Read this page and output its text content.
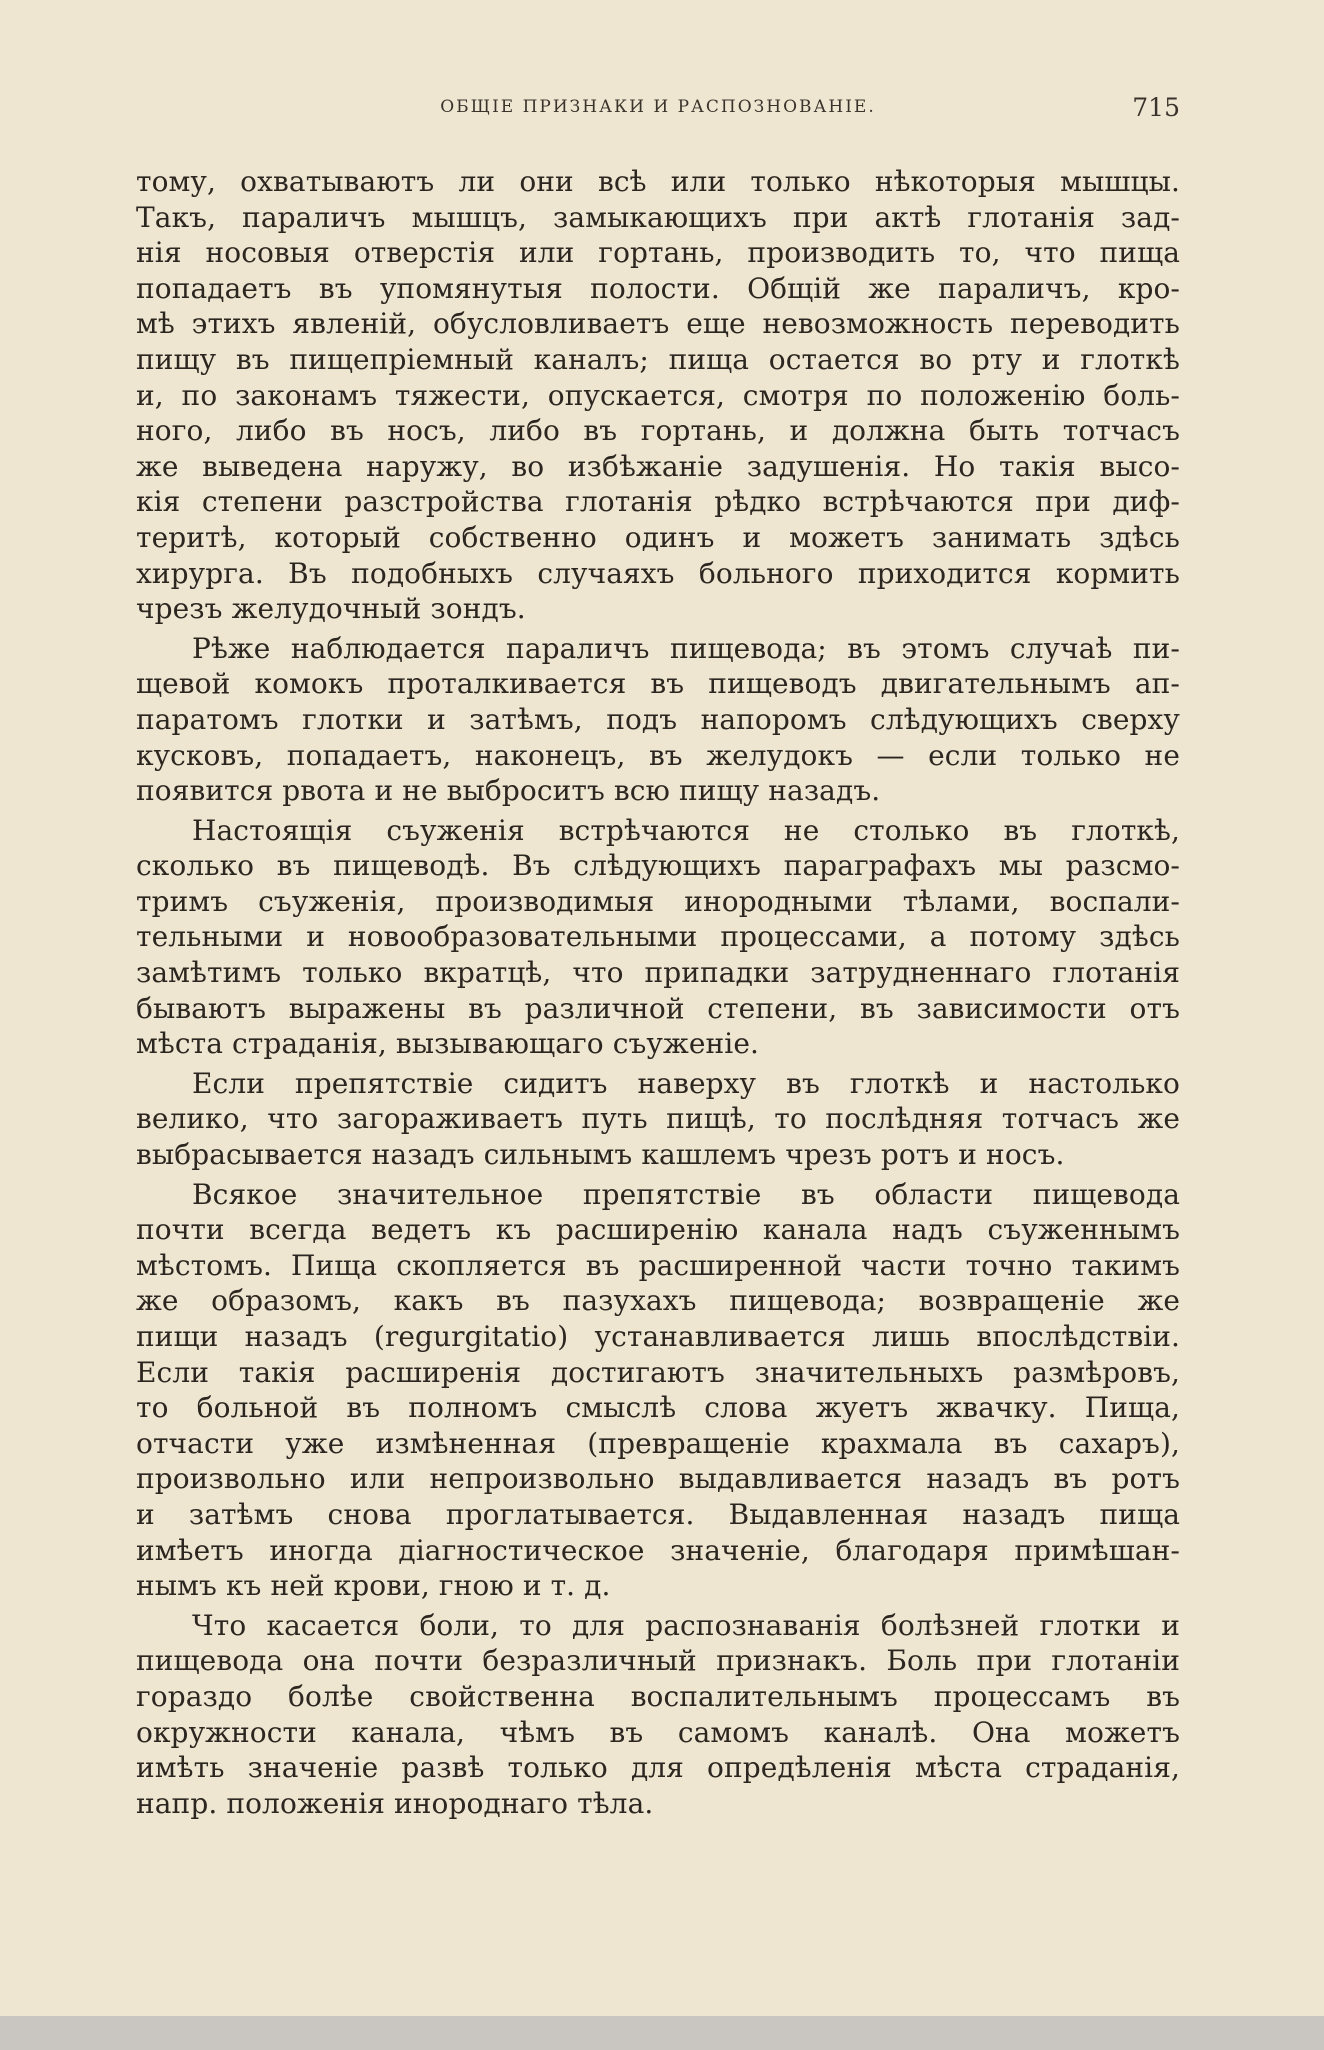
ОБЩІЕ ПРИЗНАКИ И РАСПОЗНОВАНІЕ.	715
тому, охватываютъ ли они всѣ или только нѣкоторыя мышцы.
Такъ, параличъ мышцъ, замыкающихъ при актѣ глотанія зад-
нія носовыя отверстія или гортань, производить то, что пища
попадаетъ въ упомянутыя полости. Общій же параличъ, кро-
мѣ этихъ явленій, обусловливаетъ еще невозможность переводить
пищу въ пищепріемный каналъ; пища остается во рту и глоткѣ
и, по законамъ тяжести, опускается, смотря по положенію боль-
ного, либо въ носъ, либо въ гортань, и должна быть тотчасъ
же выведена наружу, во избѣжаніе задушенія. Но такія высо-
кія степени разстройства глотанія рѣдко встрѣчаются при диф-
теритѣ, который собственно одинъ и можетъ занимать здѣсь
хирурга. Въ подобныхъ случаяхъ больного приходится кормить
чрезъ желудочный зондъ.
Рѣже наблюдается параличъ пищевода; въ этомъ случаѣ пи-
щевой комокъ проталкивается въ пищеводъ двигательнымъ ап-
паратомъ глотки и затѣмъ, подъ напоромъ слѣдующихъ сверху
кусковъ, попадаетъ, наконецъ, въ желудокъ — если только не
появится рвота и не выброситъ всю пищу назадъ.
Настоящія съуженія встрѣчаются не столько въ глоткѣ,
сколько въ пищеводѣ. Въ слѣдующихъ параграфахъ мы разсмо-
тримъ съуженія, производимыя инородными тѣлами, воспали-
тельными и новообразовательными процессами, а потому здѣсь
замѣтимъ только вкратцѣ, что припадки затрудненнаго глотанія
бываютъ выражены въ различной степени, въ зависимости отъ
мѣста страданія, вызывающаго съуженіе.
Если препятствіе сидитъ наверху въ глоткѣ и настолько
велико, что загораживаетъ путь пищѣ, то послѣдняя тотчасъ же
выбрасывается назадъ сильнымъ кашлемъ чрезъ ротъ и носъ.
Всякое значительное препятствіе въ области пищевода
почти всегда ведетъ къ расширенію канала надъ съуженнымъ
мѣстомъ. Пища скопляется въ расширенной части точно такимъ
же образомъ, какъ въ пазухахъ пищевода; возвращеніе же
пищи назадъ (regurgitatio) устанавливается лишь впослѣдствіи.
Если такія расширенія достигаютъ значительныхъ размѣровъ,
то больной въ полномъ смыслѣ слова жуетъ жвачку. Пища,
отчасти уже измѣненная (превращеніе крахмала въ сахаръ),
произвольно или непроизвольно выдавливается назадъ въ ротъ
и затѣмъ снова проглатывается. Выдавленная назадъ пища
имѣетъ иногда діагностическое значеніе, благодаря примѣшан-
нымъ къ ней крови, гною и т. д.
Что касается боли, то для распознаванія болѣзней глотки и
пищевода она почти безразличный признакъ. Боль при глотаніи
гораздо болѣе свойственна воспалительнымъ процессамъ въ
окружности канала, чѣмъ въ самомъ каналѣ. Она можетъ
имѣть значеніе развѣ только для опредѣленія мѣста страданія,
напр. положенія инороднаго тѣла.
